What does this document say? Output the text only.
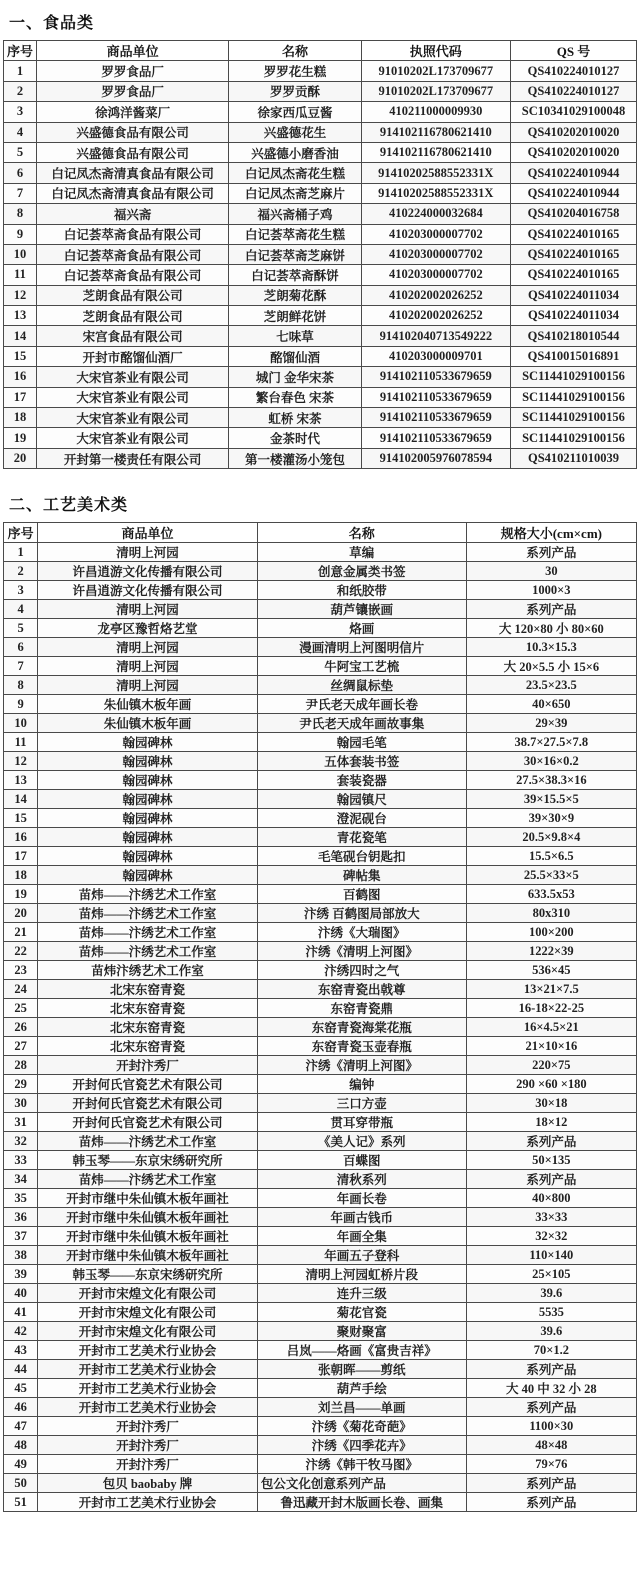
一、食品类
序号	商品单位	名称	执照代码	QS 号
1	罗罗食品厂	罗罗花生糕	91010202L173709677	QS410224010127
2	罗罗食品厂	罗罗贡酥	91010202L173709677	QS410224010127
3	徐鸿洋酱菜厂	徐家西瓜豆酱	410211000009930	SC10341029100048
4	兴盛德食品有限公司	兴盛德花生	914102116780621410	QS410202010020
5	兴盛德食品有限公司	兴盛德小磨香油	914102116780621410	QS410202010020
6	白记凤杰斋清真食品有限公司	白记凤杰斋花生糕	91410202588552331X	QS410224010944
7	白记凤杰斋清真食品有限公司	白记凤杰斋芝麻片	91410202588552331X	QS410224010944
8	福兴斋	福兴斋桶子鸡	410224000032684	QS410204016758
9	白记荟萃斋食品有限公司	白记荟萃斋花生糕	410203000007702	QS410224010165
10	白记荟萃斋食品有限公司	白记荟萃斋芝麻饼	410203000007702	QS410224010165
11	白记荟萃斋食品有限公司	白记荟萃斋酥饼	410203000007702	QS410224010165
12	芝朗食品有限公司	芝朗菊花酥	410202002026252	QS410224011034
13	芝朗食品有限公司	芝朗鲜花饼	410202002026252	QS410224011034
14	宋宫食品有限公司	七味草	914102040713549222	QS410218010544
15	开封市酩馏仙酒厂	酩馏仙酒	410203000009701	QS410015016891
16	大宋官茶业有限公司	城门 金华宋茶	914102110533679659	SC11441029100156
17	大宋官茶业有限公司	繁台春色 宋茶	914102110533679659	SC11441029100156
18	大宋官茶业有限公司	虹桥 宋茶	914102110533679659	SC11441029100156
19	大宋官茶业有限公司	金茶时代	914102110533679659	SC11441029100156
20	开封第一楼责任有限公司	第一楼灌汤小笼包	914102005976078594	QS410211010039
二、工艺美术类
序号	商品单位	名称	规格大小(cm×cm)
1	清明上河园	草编	系列产品
2	许昌逍游文化传播有限公司	创意金属类书签	30
3	许昌逍游文化传播有限公司	和纸胶带	1000×3
4	清明上河园	葫芦镶嵌画	系列产品
5	龙亭区豫哲烙艺堂	烙画	大 120×80 小 80×60
6	清明上河园	漫画清明上河图明信片	10.3×15.3
7	清明上河园	牛阿宝工艺梳	大 20×5.5 小 15×6
8	清明上河园	丝绸鼠标垫	23.5×23.5
9	朱仙镇木板年画	尹氏老天成年画长卷	40×650
10	朱仙镇木板年画	尹氏老天成年画故事集	29×39
11	翰园碑林	翰园毛笔	38.7×27.5×7.8
12	翰园碑林	五体套装书签	30×16×0.2
13	翰园碑林	套装瓷器	27.5×38.3×16
14	翰园碑林	翰园镇尺	39×15.5×5
15	翰园碑林	澄泥砚台	39×30×9
16	翰园碑林	青花瓷笔	20.5×9.8×4
17	翰园碑林	毛笔砚台钥匙扣	15.5×6.5
18	翰园碑林	碑帖集	25.5×33×5
19	苗炜——汴绣艺术工作室	百鹤图	633.5x53
20	苗炜——汴绣艺术工作室	汴绣 百鹤图局部放大	80x310
21	苗炜——汴绣艺术工作室	汴绣《大瑞图》	100×200
22	苗炜——汴绣艺术工作室	汴绣《清明上河图》	1222×39
23	苗炜汴绣艺术工作室	汴绣四时之气	536×45
24	北宋东窑青瓷	东窑青瓷出戟尊	13×21×7.5
25	北宋东窑青瓷	东窑青瓷鼎	16-18×22-25
26	北宋东窑青瓷	东窑青瓷海棠花瓶	16×4.5×21
27	北宋东窑青瓷	东窑青瓷玉壶春瓶	21×10×16
28	开封汴秀厂	汴绣《清明上河图》	220×75
29	开封何氏官瓷艺术有限公司	编钟	290 ×60 ×180
30	开封何氏官瓷艺术有限公司	三口方壶	30×18
31	开封何氏官瓷艺术有限公司	贯耳穿带瓶	18×12
32	苗炜——汴绣艺术工作室	《美人记》系列	系列产品
33	韩玉琴——东京宋绣研究所	百蝶图	50×135
34	苗炜——汴绣艺术工作室	清秋系列	系列产品
35	开封市继中朱仙镇木板年画社	年画长卷	40×800
36	开封市继中朱仙镇木板年画社	年画古钱币	33×33
37	开封市继中朱仙镇木板年画社	年画全集	32×32
38	开封市继中朱仙镇木板年画社	年画五子登科	110×140
39	韩玉琴——东京宋绣研究所	清明上河园虹桥片段	25×105
40	开封市宋煌文化有限公司	连升三级	39.6
41	开封市宋煌文化有限公司	菊花官瓷	5535
42	开封市宋煌文化有限公司	聚财聚富	39.6
43	开封市工艺美术行业协会	吕岚——烙画《富贵吉祥》	70×1.2
44	开封市工艺美术行业协会	张朝晖——剪纸	系列产品
45	开封市工艺美术行业协会	葫芦手绘	大 40 中 32 小 28
46	开封市工艺美术行业协会	刘兰昌——单画	系列产品
47	开封汴秀厂	汴绣《菊花奇葩》	1100×30
48	开封汴秀厂	汴绣《四季花卉》	48×48
49	开封汴秀厂	汴绣《韩干牧马图》	79×76
50	包贝 baobaby 牌	包公文化创意系列产品	系列产品
51	开封市工艺美术行业协会	鲁迅藏开封木版画长卷、画集	系列产品
